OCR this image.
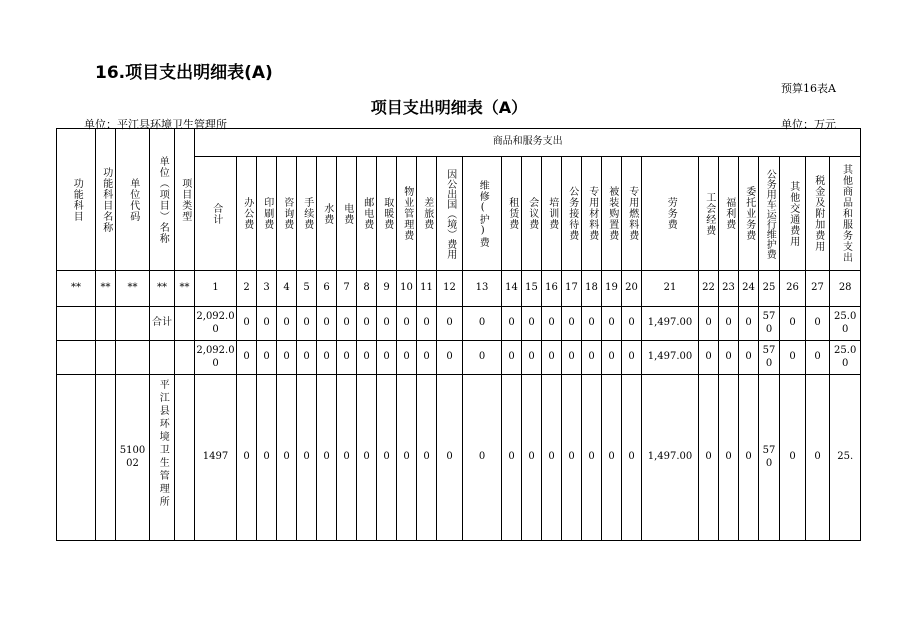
16.项目支出明细表(A)
预算16表A
项目支出明细表（A）
单位：平江县环境卫生管理所	单位：万元
功能科目	功能科目名称	单位代码	单位（项目）名称	项目类型	商品和服务支出																											

					合计	办公费	印刷费	咨询费	手续费	水费	电费	邮电费	取暖费	物业管理费	差旅费	因公出国（境）费用	维修(护)费	租赁费	会议费	培训费	公务接待费	专用材料费	被装购置费	专用燃料费	劳务费	工会经费	福利费	委托业务费	公务用车运行维护费	其他交通费用	税金及附加费用	其他商品和服务支出

**	**	**	**	**	1	2	3	4	5	6	7	8	9	10	11	12	13	14	15	16	17	18	19	20	21	22	23	24	25	26	27	28
			合计		2,092.00	0	0	0	0	0	0	0	0	0	0	0	0	0	0	0	0	0	0	0	1,497.00	0	0	0	570	0	0	25.00
					2,092.00	0	0	0	0	0	0	0	0	0	0	0	0	0	0	0	0	0	0	0	1,497.00	0	0	0	570	0	0	25.00
		510002	平江县环境卫生管理所		1497	0	0	0	0	0	0	0	0	0	0	0	0	0	0	0	0	0	0	0	1,497.00	0	0	0	570	0	0	25.
